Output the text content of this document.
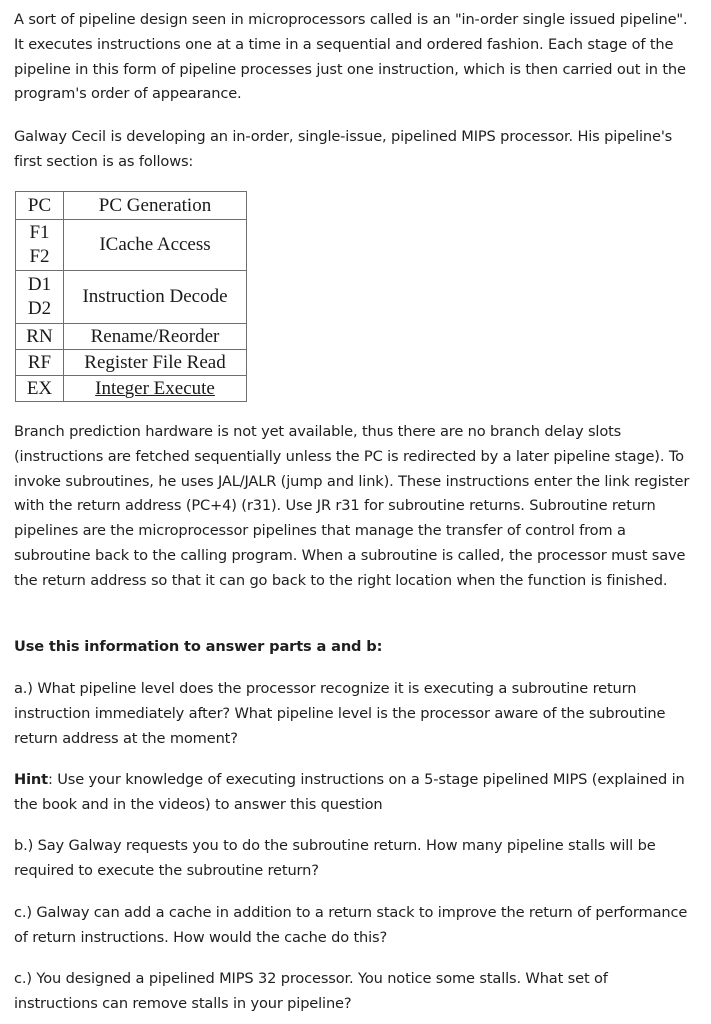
A sort of pipeline design seen in microprocessors called is an "in-order single issued pipeline". It executes instructions one at a time in a sequential and ordered fashion. Each stage of the pipeline in this form of pipeline processes just one instruction, which is then carried out in the program's order of appearance.

Galway Cecil is developing an in-order, single-issue, pipelined MIPS processor. His pipeline's first section is as follows:

PC	PC Generation

F1
F2	ICache Access

D1
D2	Instruction Decode

RN	Rename/Reorder

RF	Register File Read

EX	Integer Execute

Branch prediction hardware is not yet available, thus there are no branch delay slots (instructions are fetched sequentially unless the PC is redirected by a later pipeline stage). To invoke subroutines, he uses JAL/JALR (jump and link). These instructions enter the link register with the return address (PC+4) (r31). Use JR r31 for subroutine returns. Subroutine return pipelines are the microprocessor pipelines that manage the transfer of control from a subroutine back to the calling program. When a subroutine is called, the processor must save the return address so that it can go back to the right location when the function is finished.

Use this information to answer parts a and b:

a.) What pipeline level does the processor recognize it is executing a subroutine return instruction immediately after? What pipeline level is the processor aware of the subroutine return address at the moment?

Hint: Use your knowledge of executing instructions on a 5-stage pipelined MIPS (explained in the book and in the videos) to answer this question

b.) Say Galway requests you to do the subroutine return. How many pipeline stalls will be required to execute the subroutine return?

c.) Galway can add a cache in addition to a return stack to improve the return of performance of return instructions. How would the cache do this?

c.) You designed a pipelined MIPS 32 processor. You notice some stalls. What set of instructions can remove stalls in your pipeline?
